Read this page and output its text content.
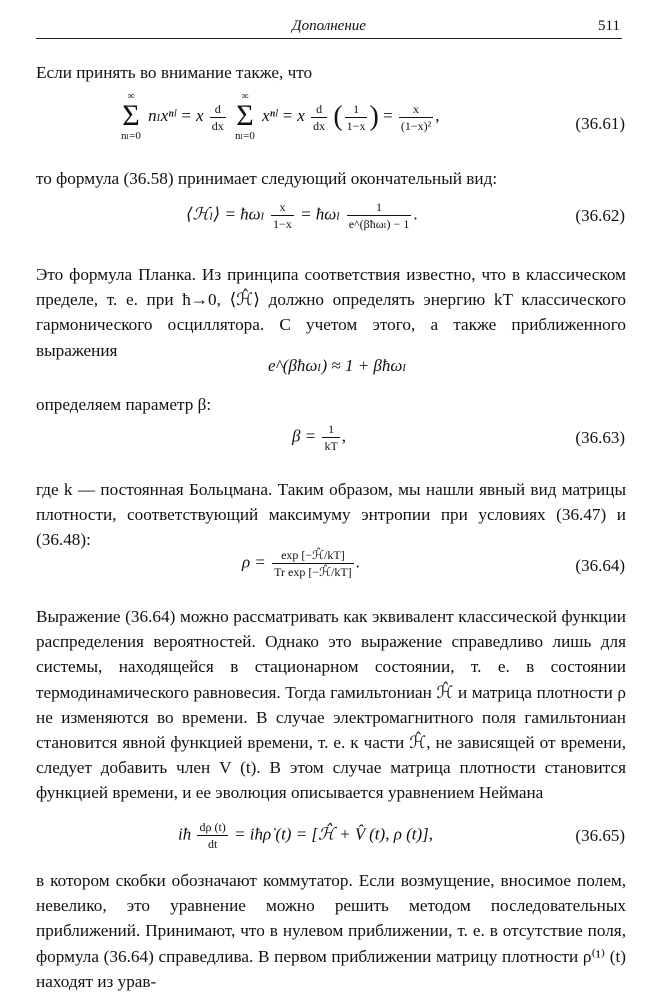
Дополнение	511

Если принять во внимание также, что

∞
Σ
nₗ=0
nₗxⁿˡ = x $\frac{d}{dx}$

∞
Σ
nₗ=0
xⁿˡ = x $\frac{d}{dx}$ ( $\frac{1}{1-x}$ ) = $\frac{x}{\text{(1−x)²}}$ ,	(36.61)

то формула (36.58) принимает следующий окончательный вид:

⟨ℋₗ⟩ = ħωₗ $\frac{x}{1-x}$ = ħωₗ $\frac{1}{\text{e\textasciicircum{}(βħωₗ) − 1}}$ .	(36.62)

Это формула Планка. Из принципа соответствия известно, что в классическом пределе, т. е. при ħ→0, ⟨ℋ̂⟩ должно определять энергию kT классического гармонического осциллятора. С учетом этого, а также приближенного выражения

e^(βħωₗ) ≈ 1 + βħωₗ

определяем параметр β:

$\beta = \frac{1}{kT}$ ,	(36.63)

где k — постоянная Больцмана. Таким образом, мы нашли явный вид матрицы плотности, соответствующий максимуму энтропии при условиях (36.47) и (36.48):

$\rho = \frac{\text{exp [−ℋ̂/kT]}}{\text{Tr exp [−ℋ̂/kT]}}$ .	(36.64)

Выражение (36.64) можно рассматривать как эквивалент классической функции распределения вероятностей. Однако это выражение справедливо лишь для системы, находящейся в стационарном состоянии, т. е. в состоянии термодинамического равновесия. Тогда гамильтониан ℋ̂ и матрица плотности ρ не изменяются во времени. В случае электромагнитного поля гамильтониан становится явной функцией времени, т. е. к части ℋ̂, не зависящей от времени, следует добавить член V (t). В этом случае матрица плотности становится функцией времени, и ее эволюция описывается уравнением Неймана

iħ $\frac{d\rho (t)}{dt}$ = iħρ̇ (t) = [ℋ̂ + V̂ (t), ρ (t)],	(36.65)

в котором скобки обозначают коммутатор. Если возмущение, вносимое полем, невелико, это уравнение можно решить методом последовательных приближений. Принимают, что в нулевом приближении, т. е. в отсутствие поля, формула (36.64) справедлива. В первом приближении матрицу плотности ρ⁽¹⁾ (t) находят из урав-
